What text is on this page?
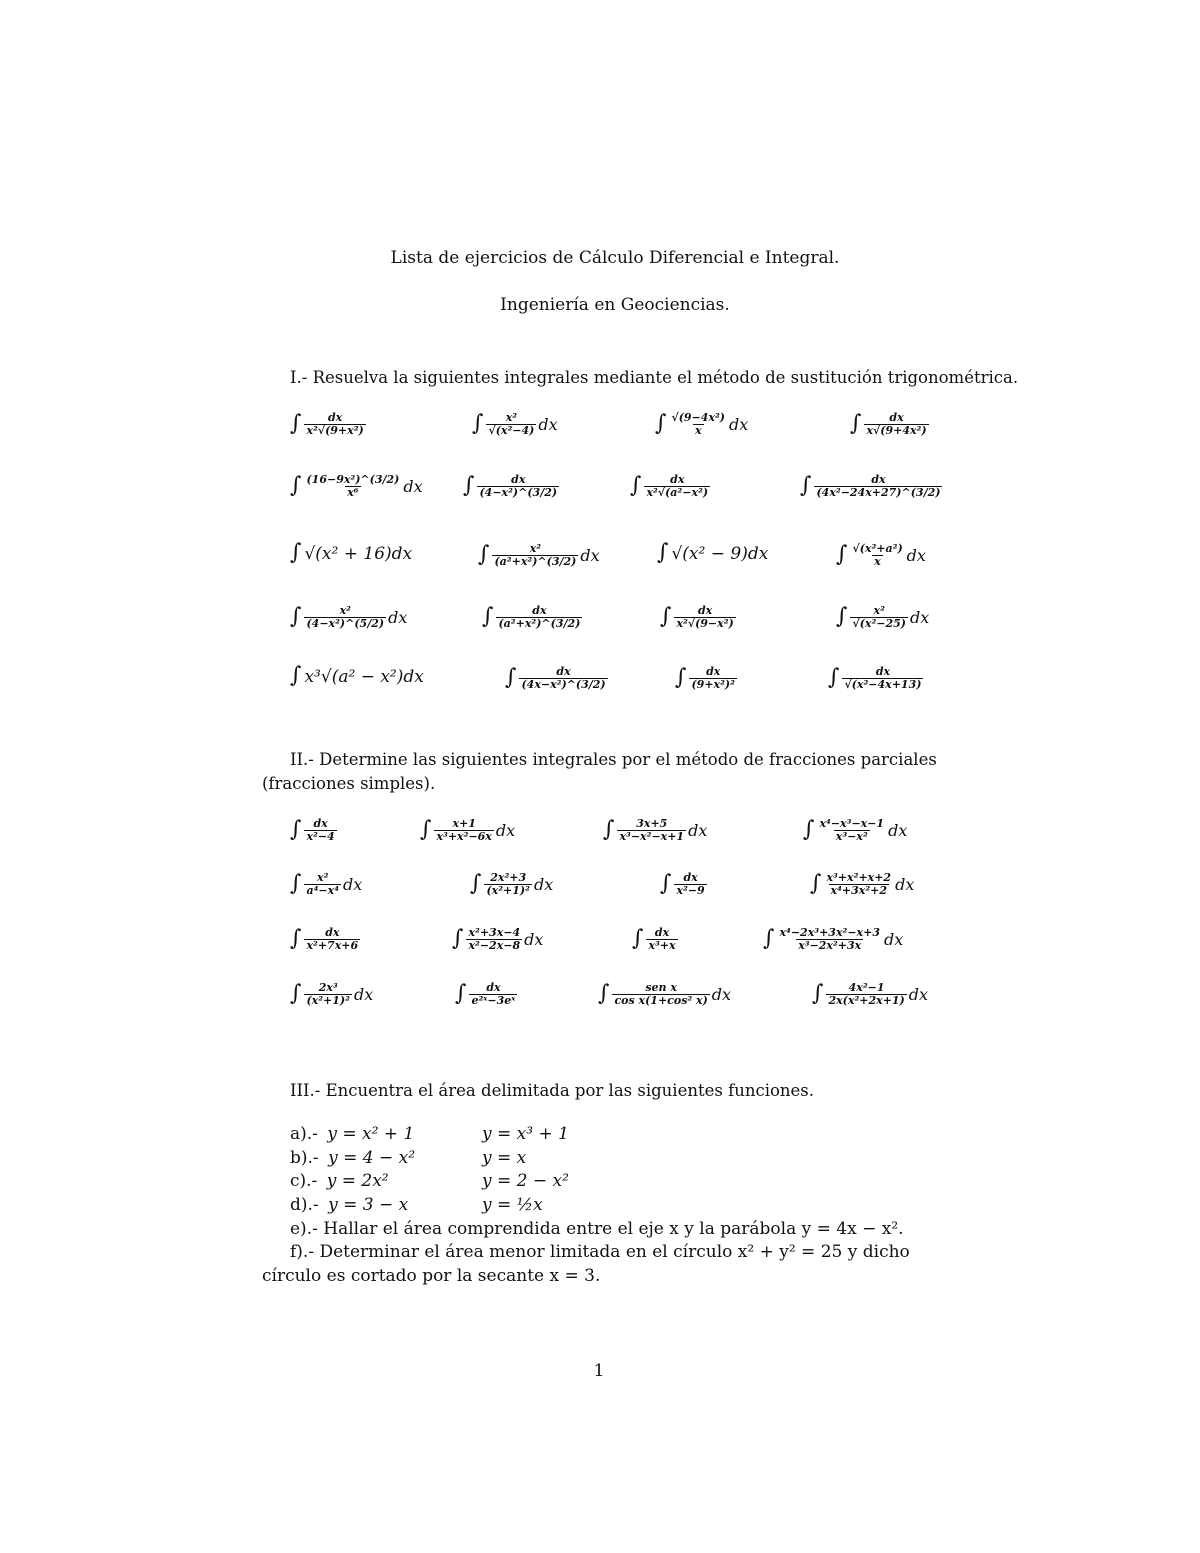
Lista de ejercicios de Cálculo Diferencial e Integral.
Ingeniería en Geociencias.
I.- Resuelva la siguientes integrales mediante el método de sustitución trigonométrica.
∫ $\frac{dx}{\text{x²√(9+x²)}}$	∫ $\frac{\text{x²}}{\text{√(x²−4)}}$ dx	∫ $\frac{\text{√(9−4x²)}}{x}$ dx	∫ $\frac{dx}{\text{x√(9+4x²)}}$
∫ $\frac{\text{(16−9x²)\textasciicircum{}(3/2)}}{\text{x⁶}}$ dx ∫ $\frac{dx}{\text{(4−x²)\textasciicircum{}(3/2)}}$	∫ $\frac{dx}{\text{x²√(a²−x²)}}$	∫ $\frac{dx}{\text{(4x²−24x+27)\textasciicircum{}(3/2)}}$
∫ √(x² + 16)dx	∫ $\frac{\text{x²}}{\text{(a²+x²)\textasciicircum{}(3/2)}}$ dx	∫ √(x² − 9)dx	∫ $\frac{\text{√(x²+a²)}}{x}$ dx
∫ $\frac{\text{x²}}{\text{(4−x²)\textasciicircum{}(5/2)}}$ dx	∫ $\frac{dx}{\text{(a²+x²)\textasciicircum{}(3/2)}}$	∫ $\frac{dx}{\text{x²√(9−x²)}}$	∫ $\frac{\text{x²}}{\text{√(x²−25)}}$ dx
∫ x³√(a² − x²)dx	∫ $\frac{dx}{\text{(4x−x²)\textasciicircum{}(3/2)}}$	∫ $\frac{dx}{\text{(9+x²)²}}$	∫ $\frac{dx}{\text{√(x²−4x+13)}}$
II.- Determine las siguientes integrales por el método de fracciones parciales
(fracciones simples).
∫ $\frac{dx}{\text{x²−4}}$	∫ $\frac{x+1}{\text{x³+x²−6x}}$ dx	∫ $\frac{3x+5}{\text{x³−x²−x+1}}$ dx	∫ $\frac{\text{x⁴−x³−x−1}}{\text{x³−x²}}$ dx
∫ $\frac{\text{x²}}{\text{a⁴−x⁴}}$ dx	∫ $\frac{\text{2x²+3}}{\text{(x²+1)²}}$ dx	∫ $\frac{dx}{\text{x²−9}}$	∫ $\frac{\text{x³+x²+x+2}}{\text{x⁴+3x²+2}}$ dx
∫ $\frac{dx}{\text{x²+7x+6}}$	∫ $\frac{\text{x²+3x−4}}{\text{x²−2x−8}}$ dx	∫ $\frac{dx}{\text{x³+x}}$	∫ $\frac{\text{x⁴−2x³+3x²−x+3}}{\text{x³−2x²+3x}}$ dx
∫ $\frac{\text{2x³}}{\text{(x²+1)²}}$ dx	∫ $\frac{dx}{\text{e²ˣ−3eˣ}}$	∫ $\frac{\text{sen x}}{\text{cos x(1+cos² x)}}$ dx	∫ $\frac{\text{4x²−1}}{\text{2x(x²+2x+1)}}$ dx
III.- Encuentra el área delimitada por las siguientes funciones.
a).- y = x² + 1	y = x³ + 1
b).- y = 4 − x²	y = x
c).- y = 2x²	y = 2 − x²
d).- y = 3 − x	y = ½x
e).- Hallar el área comprendida entre el eje x y la parábola y = 4x − x².
f).- Determinar el área menor limitada en el círculo x² + y² = 25 y dicho
círculo es cortado por la secante x = 3.
1
